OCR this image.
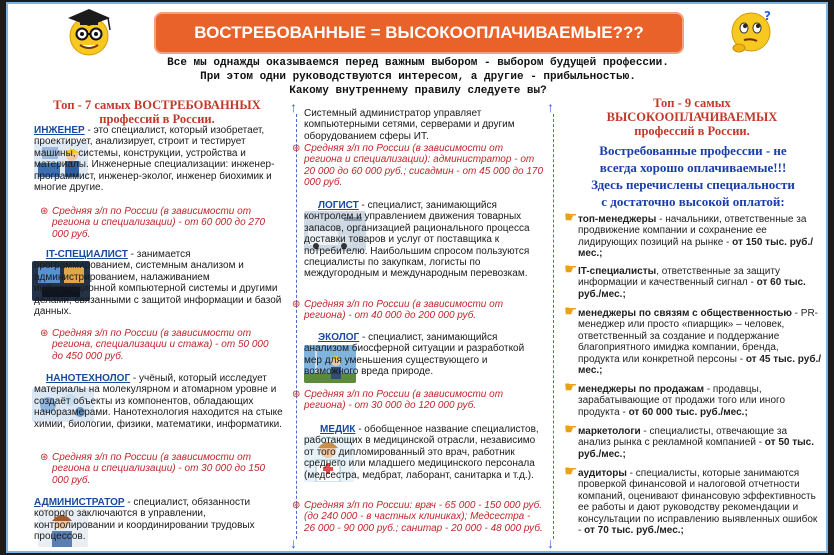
ВОСТРЕБОВАННЫЕ = ВЫСОКООПЛАЧИВАЕМЫЕ???
?
Все мы однажды оказываемся перед важным выбором - выбором будущей профессии.
При этом одни руководствуются интересом, а другие - прибыльностью.
Какому внутреннему правилу следуете вы?
↑
↓
↑
↓
Топ - 7 самых ВОСТРЕБОВАННЫХ
профессий в России.
ИНЖЕНЕР - это специалист, который изобретает, проектирует, анализирует, строит и тестирует машины, системы, конструкции, устройства и материалы. Инженерные специализации: инженер-программист, инженер-эколог, инженер биохимик и многие другие.
⊛ Средняя з/п по России (в зависимости от региона и специализации) - от 60 000 до 270 000 руб.
IT-СПЕЦИАЛИСТ - занимается программированием, системным анализом и администрированием, налаживанием информационной компьютерной системы и другими делами, связанными с защитой информации и базой данных.
⊛ Средняя з/п по России (в зависимости от региона, специализации и стажа) - от 50 000 до 450 000 руб.
НАНОТЕХНОЛОГ - учёный, который исследует материалы на молекулярном и атомарном уровне и создаёт объекты из компонентов, обладающих наноразмерами. Нанотехнология находится на стыке химии, биологии, физики, математики, информатики.
⊛ Средняя з/п по России (в зависимости от региона и специализации) - от 30 000 до 150 000 руб.
АДМИНИСТРАТОР - специалист, обязанности которого заключаются в управлении, контролировании и координировании трудовых процессов.
Системный администратор управляет компьютерными сетями, серверами и другим оборудованием сферы ИТ.
⊛ Средняя з/п по России (в зависимости от региона и специализации): администратор - от 20 000 до 60 000 руб.; сисадмин - от 45 000 до 170 000 руб.
ЛОГИСТ - специалист, занимающийся контролем и управлением движения товарных запасов, организацией рационального процесса доставки товаров и услуг от поставщика к потребителю. Наибольшим спросом пользуются специалисты по закупкам, логисты по междугородным и международным перевозкам.
⊛ Средняя з/п по России (в зависимости от региона) - от 40 000 до 200 000 руб.
ЭКОЛОГ - специалист, занимающийся анализом биосферной ситуации и разработкой мер для уменьшения существующего и возможного вреда природе.
⊛ Средняя з/п по России (в зависимости от региона) - от 30 000 до 120 000 руб.
МЕДИК - обобщенное название специалистов, работающих в медицинской отрасли, независимо от того дипломированный это врач, работник среднего или младшего медицинского персонала (медсестра, медбрат, лаборант, санитарка и т.д.).
⊛ Средняя з/п по России: врач - 65 000 - 150 000 руб. (до 240 000 - в частных клиниках); Медсестра - 26 000 - 90 000 руб.; санитар - 20 000 - 48 000 руб.
Топ - 9 самых
ВЫСОКООПЛАЧИВАЕМЫХ
профессий в России.
Востребованные профессии - не
всегда хорошо оплачиваемые!!!
Здесь перечислены специальности
с достаточно высокой оплатой:
☛ топ-менеджеры - начальники, ответственные за продвижение компании и сохранение ее лидирующих позиций на рынке - от 150 тыс. руб./мес.;
☛ IT-специалисты, ответственные за защиту информации и качественный сигнал - от 60 тыс. руб./мес.;
☛ менеджеры по связям с общественностью - PR-менеджер или просто «пиарщик» – человек, ответственный за создание и поддержание благоприятного имиджа компании, бренда, продукта или конкретной персоны - от 45 тыс. руб./мес.;
☛ менеджеры по продажам - продавцы, зарабатывающие от продажи того или иного продукта - от 60 000 тыс. руб./мес.;
☛ маркетологи - специалисты, отвечающие за анализ рынка с рекламной компанией - от 50 тыс. руб./мес.;
☛ аудиторы - специалисты, которые занимаются проверкой финансовой и налоговой отчетности компаний, оценивают финансовую эффективность ее работы и дают руководству рекомендации и консультации по исправлению выявленных ошибок - от 70 тыс. руб./мес.;
